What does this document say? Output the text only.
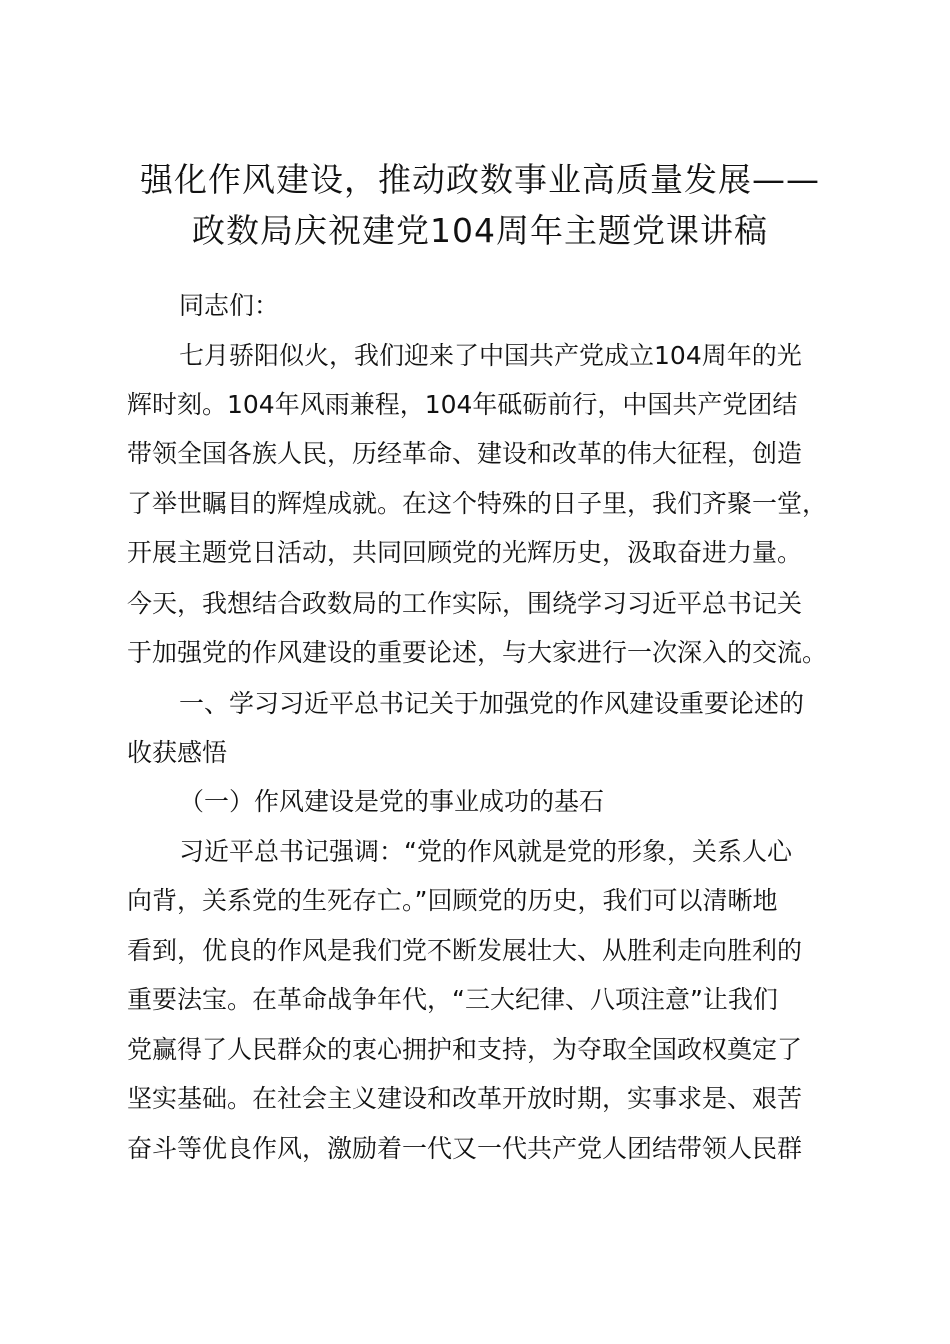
强化作风建设，推动政数事业高质量发展——
政数局庆祝建党104周年主题党课讲稿

同志们：

七月骄阳似火，我们迎来了中国共产党成立104周年的光

辉时刻。104年风雨兼程，104年砥砺前行，中国共产党团结

带领全国各族人民，历经革命、建设和改革的伟大征程，创造

了举世瞩目的辉煌成就。在这个特殊的日子里，我们齐聚一堂，

开展主题党日活动，共同回顾党的光辉历史，汲取奋进力量。

今天，我想结合政数局的工作实际，围绕学习习近平总书记关

于加强党的作风建设的重要论述，与大家进行一次深入的交流。

一、学习习近平总书记关于加强党的作风建设重要论述的

收获感悟

（一）作风建设是党的事业成功的基石

习近平总书记强调：“党的作风就是党的形象，关系人心

向背，关系党的生死存亡。”回顾党的历史，我们可以清晰地

看到，优良的作风是我们党不断发展壮大、从胜利走向胜利的

重要法宝。在革命战争年代，“三大纪律、八项注意”让我们

党赢得了人民群众的衷心拥护和支持，为夺取全国政权奠定了

坚实基础。在社会主义建设和改革开放时期，实事求是、艰苦

奋斗等优良作风，激励着一代又一代共产党人团结带领人民群
